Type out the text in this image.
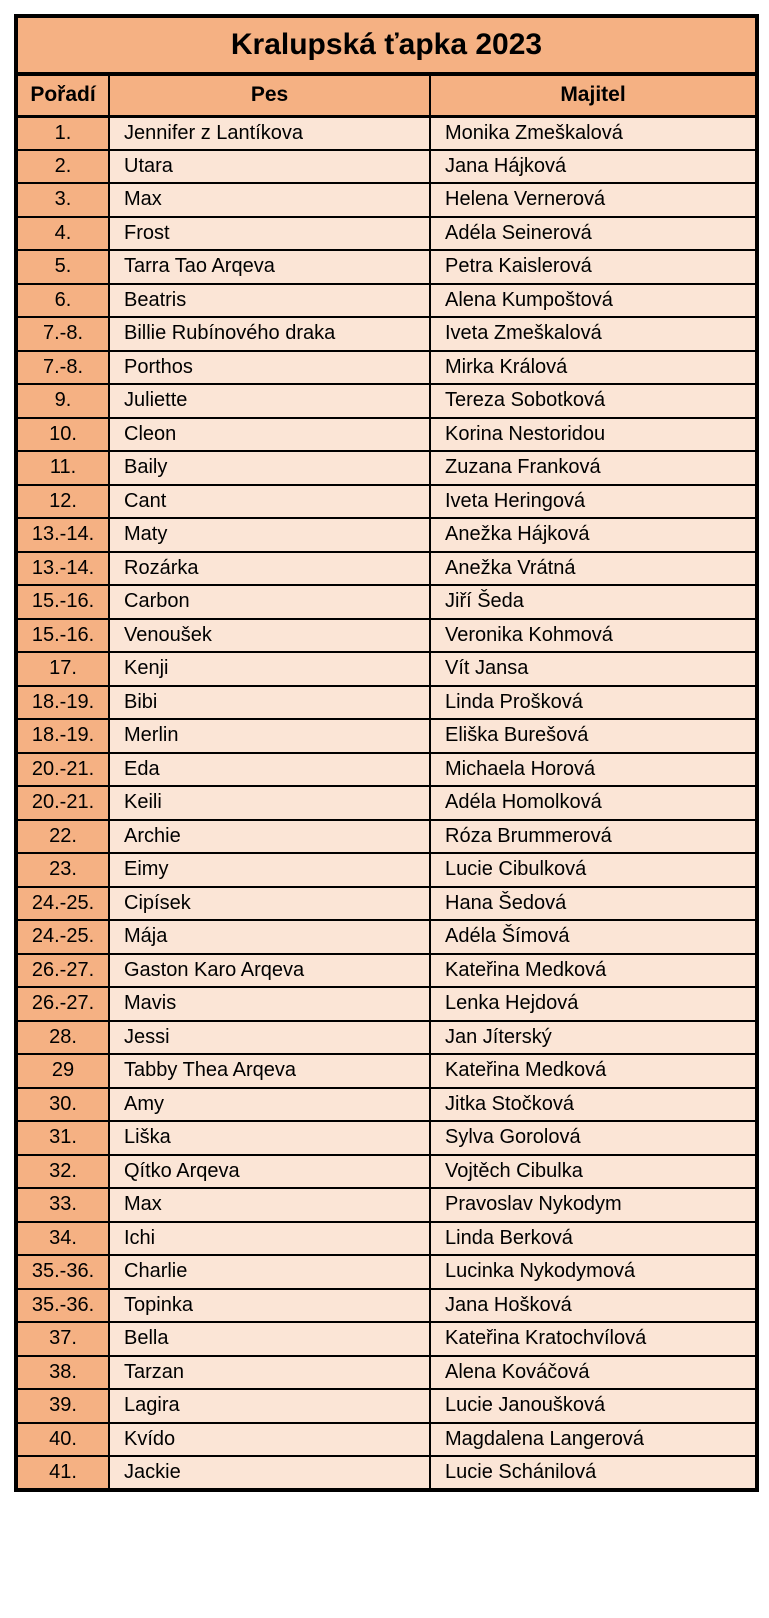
Kralupská ťapka 2023		
Pořadí	Pes	Majitel
1.	Jennifer z Lantíkova	Monika Zmeškalová
2.	Utara	Jana Hájková
3.	Max	Helena Vernerová
4.	Frost	Adéla Seinerová
5.	Tarra Tao Arqeva	Petra Kaislerová
6.	Beatris	Alena Kumpoštová
7.-8.	Billie Rubínového draka	Iveta Zmeškalová
7.-8.	Porthos	Mirka Králová
9.	Juliette	Tereza Sobotková
10.	Cleon	Korina Nestoridou
11.	Baily	Zuzana Franková
12.	Cant	Iveta Heringová
13.-14.	Maty	Anežka Hájková
13.-14.	Rozárka	Anežka Vrátná
15.-16.	Carbon	Jiří Šeda
15.-16.	Venoušek	Veronika Kohmová
17.	Kenji	Vít Jansa
18.-19.	Bibi	Linda Prošková
18.-19.	Merlin	Eliška Burešová
20.-21.	Eda	Michaela Horová
20.-21.	Keili	Adéla Homolková
22.	Archie	Róza Brummerová
23.	Eimy	Lucie Cibulková
24.-25.	Cipísek	Hana Šedová
24.-25.	Mája	Adéla Šímová
26.-27.	Gaston Karo Arqeva	Kateřina Medková
26.-27.	Mavis	Lenka Hejdová
28.	Jessi	Jan Jíterský
29	Tabby Thea Arqeva	Kateřina Medková
30.	Amy	Jitka Stočková
31.	Liška	Sylva Gorolová
32.	Qítko Arqeva	Vojtěch Cibulka
33.	Max	Pravoslav Nykodym
34.	Ichi	Linda Berková
35.-36.	Charlie	Lucinka Nykodymová
35.-36.	Topinka	Jana Hošková
37.	Bella	Kateřina Kratochvílová
38.	Tarzan	Alena Kováčová
39.	Lagira	Lucie Janoušková
40.	Kvído	Magdalena Langerová
41.	Jackie	Lucie Schánilová
